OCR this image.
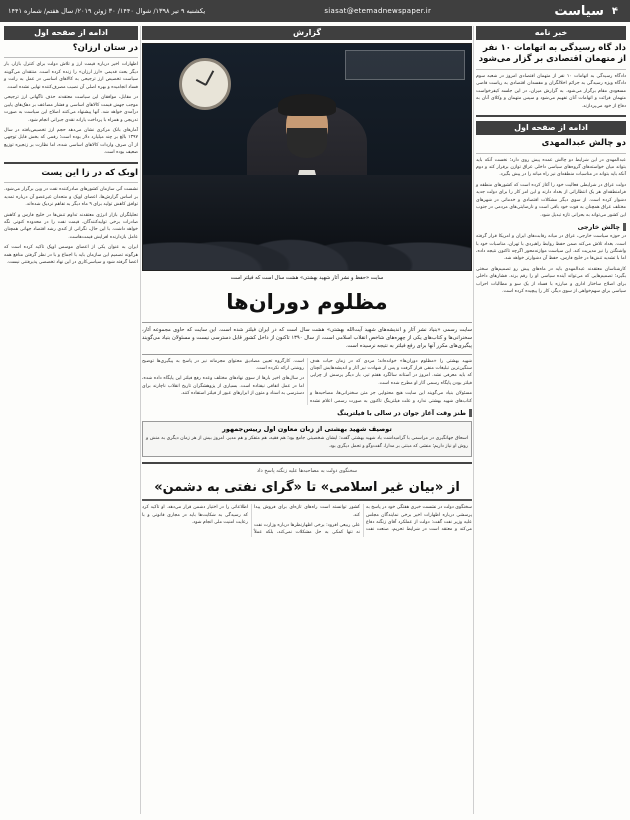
۴
سیاست
siasat@etemadnewspaper.ir
یکشنبه ۹ تیر ۱۳۹۸/ شوال ۱۴۴۰/ ۳۰ ژوئن ۲۰۱۹/ سال هفتم/ شماره ۱۴۴۱
خبر نامه
داد گاه رسیدگی به اتهامات ۱۰ نفر از متهمان اقتصادی بر گزار می‌شود

دادگاه رسیدگی به اتهامات ۱۰ نفر از متهمان اقتصادی امروز در شعبه سوم دادگاه ویژه رسیدگی به جرائم اخلالگران و مفسدان اقتصادی به ریاست قاضی مسعودی مقام برگزار می‌شود. به گزارش میزان، در این جلسه کیفرخواست متهمان قرائت و اتهامات آنان تفهیم می‌شود و سپس متهمان و وکلای آنان به دفاع از خود می‌پردازند.

ادامه از صفحه اول
دو چالش عبدالمهدی

عبدالمهدی در این شرایط دو چالش عمده پیش روی دارد؛ نخست آنکه باید بتواند میان خواسته‌های گروه‌های سیاسی داخلی عراق توازن برقرار کند و دوم آنکه باید بتواند در مناسبات منطقه‌ای نیز راه میانه را در پیش بگیرد.

دولت عراق در شرایطی فعالیت خود را آغاز کرده است که کشورهای منطقه و فرامنطقه‌ای هر یک انتظاراتی از بغداد دارند و این امر کار را برای دولت جدید دشوار کرده است. از سوی دیگر مشکلات اقتصادی و خدماتی در شهرهای مختلف عراق همچنان به قوت خود باقی است و نارضایتی‌های مردمی در جنوب این کشور می‌تواند به بحرانی تازه تبدیل شود.

چالش خارجی

در حوزه سیاست خارجی، عراق در میانه رقابت‌های ایران و امریکا قرار گرفته است. بغداد تلاش می‌کند ضمن حفظ روابط راهبردی با تهران، مناسبات خود با واشنگتن را نیز مدیریت کند. این سیاست موازنه‌محور اگرچه تاکنون نتیجه داده، اما با تشدید تنش‌ها در خلیج فارس، حفظ آن دشوارتر خواهد شد.

کارشناسان معتقدند عبدالمهدی باید در ماه‌های پیش رو تصمیم‌های سختی بگیرد؛ تصمیم‌هایی که می‌تواند آینده سیاسی او را رقم بزند. فشارهای داخلی برای اصلاح ساختار اداری و مبارزه با فساد از یک سو و مطالبات احزاب سیاسی برای سهم‌خواهی از سوی دیگر، کار را پیچیده کرده است.

گزارش
سایت «حفظ و نشر آثار شهید بهشتی» هشت سال است که فیلتر است
مظلوم دوران‌ها
سایت رسمی «بنیاد نشر آثار و اندیشه‌های شهید آیت‌الله بهشتی» هشت سال است که در ایران فیلتر شده است. این سایت که حاوی مجموعه آثار، سخنرانی‌ها و کتاب‌های یکی از چهره‌های شاخص انقلاب اسلامی است، از سال ۱۳۹۰ تاکنون از داخل کشور قابل دسترسی نیست و مسئولان بنیاد می‌گویند پیگیری‌های مکرر آنها برای رفع فیلتر به نتیجه نرسیده است.

شهید بهشتی را «مظلوم دوران‌ها» خوانده‌اند؛ مردی که در زمان حیات هدف سنگین‌ترین تبلیغات منفی قرار گرفت و پس از شهادت نیز آثار و اندیشه‌هایش آنچنان که باید معرفی نشد. امروز در آستانه سالگرد هفتم تیر، بار دیگر پرسش از چرایی فیلتر بودن پایگاه رسمی آثار او مطرح شده است.

مسئولان بنیاد می‌گویند این سایت هیچ محتوایی جز متن سخنرانی‌ها، مصاحبه‌ها و کتاب‌های شهید بهشتی ندارد و علت فیلترینگ تاکنون به صورت رسمی اعلام نشده است. کارگروه تعیین مصادیق محتوای مجرمانه نیز در پاسخ به پیگیری‌ها توضیح روشنی ارائه نکرده است.

در سال‌های اخیر بارها از سوی نهادهای مختلف وعده رفع فیلتر این پایگاه داده شده، اما در عمل اتفاقی نیفتاده است. بسیاری از پژوهشگران تاریخ انقلاب ناچارند برای دسترسی به اسناد و متون از ابزارهای عبور از فیلتر استفاده کنند.

طنز وقت آغاز جوان در سالی با فیلترینگ
توصیف شهید بهشتی از زبان معاون اول رییس‌جمهور

اسحاق جهانگیری در مراسمی با گرامیداشت یاد شهید بهشتی گفت: ایشان شخصیتی جامع بود؛ هم فقیه، هم متفکر و هم مدیر. امروز بیش از هر زمان دیگری به منش و روش او نیاز داریم؛ منشی که مبتنی بر مدارا، گفت‌وگو و تحمل دیگری بود.

سخنگوی دولت به مصاحبه‌ها علیه زنگنه پاسخ داد
از «بیان غیر اسلامی» تا «گرای نفتی به دشمن»

سخنگوی دولت در نشست خبری هفتگی خود در پاسخ به پرسشی درباره اظهارات اخیر برخی نمایندگان مجلس علیه وزیر نفت گفت: دولت از عملکرد آقای زنگنه دفاع می‌کند و معتقد است در شرایط تحریم، صنعت نفت کشور توانسته است راه‌های تازه‌ای برای فروش پیدا کند.

علی ربیعی افزود: برخی اظهارنظرها درباره وزارت نفت نه تنها کمکی به حل مشکلات نمی‌کند، بلکه عملاً اطلاعاتی را در اختیار دشمن قرار می‌دهد. او تاکید کرد که رسیدگی به شکایت‌ها باید در مجاری قانونی و با رعایت امنیت ملی انجام شود.

ادامه از صفحه اول
در ستان ارزان؟

اظهارات اخیر درباره قیمت ارز و تلاش دولت برای کنترل بازار، بار دیگر بحث قدیمی «ارز ارزان» را زنده کرده است. منتقدان می‌گویند سیاست تخصیص ارز ترجیحی به کالاهای اساسی در عمل به رانت و فساد انجامیده و بهره اصلی آن نصیب مصرف‌کننده نهایی نشده است.

در مقابل، موافقان این سیاست معتقدند حذف ناگهانی ارز ترجیحی موجب جهش قیمت کالاهای اساسی و فشار مضاعف بر دهک‌های پایین درآمدی خواهد شد. آنها پیشنهاد می‌کنند اصلاح این سیاست به صورت تدریجی و همراه با پرداخت یارانه نقدی جبرانی انجام شود.

آمارهای بانک مرکزی نشان می‌دهد حجم ارز تخصیص‌یافته در سال ۱۳۹۷ بالغ بر چند میلیارد دلار بوده است؛ رقمی که بخش قابل توجهی از آن صرف واردات کالاهای اساسی شده، اما نظارت بر زنجیره توزیع ضعیف بوده است.

اوبک که در زا این یست

نشست آتی سازمان کشورهای صادرکننده نفت در وین برگزار می‌شود. بر اساس گزارش‌ها، اعضای اوپک و متحدان غیرعضو آن درباره تمدید توافق کاهش تولید برای ۹ ماه دیگر به تفاهم نزدیک شده‌اند.

تحلیلگران بازار انرژی معتقدند تداوم تنش‌ها در خلیج فارس و کاهش صادرات برخی تولیدکنندگان، قیمت نفت را در محدوده کنونی نگه خواهد داشت. با این حال، نگرانی از کندی رشد اقتصاد جهانی همچنان عامل بازدارنده افزایش قیمت‌هاست.

ایران به عنوان یکی از اعضای موسس اوپک تاکید کرده است که هرگونه تصمیم این سازمان باید با اجماع و با در نظر گرفتن منافع همه اعضا گرفته شود و سیاسی‌کاری در این نهاد تخصصی پذیرفتنی نیست.
